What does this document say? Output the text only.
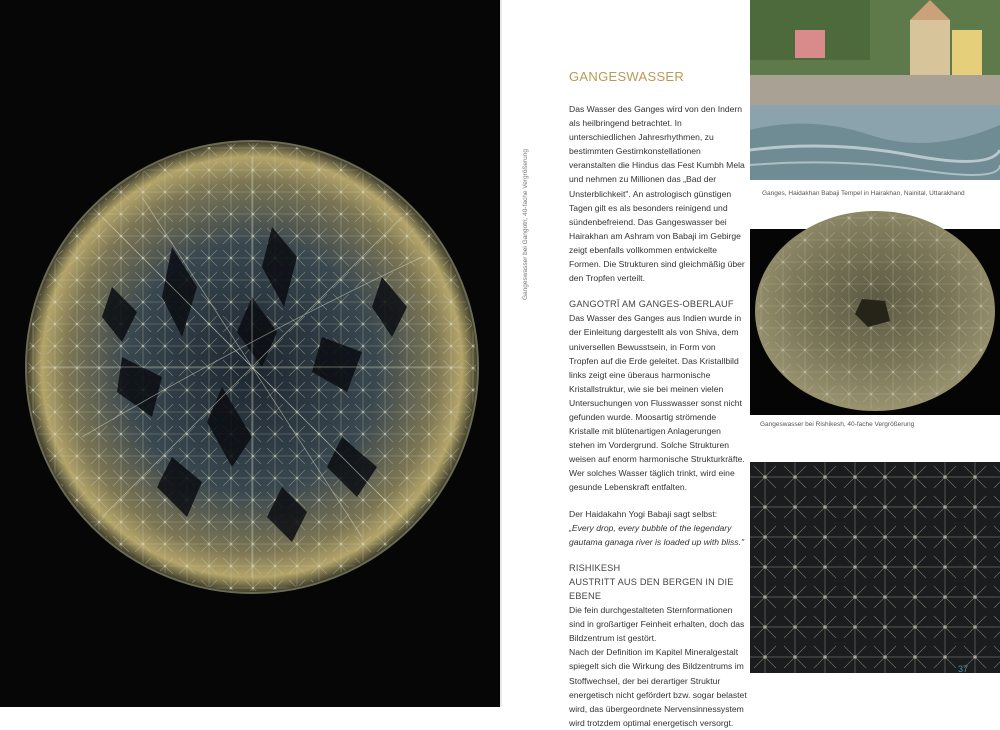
Gangeswasser bei Gangotri, 40-fache Vergrößerung
GANGESWASSER

Das Wasser des Ganges wird von den Indern als heilbringend betrachtet. In unterschiedlichen Jahresrhythmen, zu bestimmten Gestirnkonstellationen veranstalten die Hindus das Fest Kumbh Mela und nehmen zu Millionen das „Bad der Unsterblichkeit". An astrologisch günstigen Tagen gilt es als besonders reinigend und sündenbefreiend. Das Gangeswasser bei Hairakhan am Ashram von Babaji im Gebirge zeigt ebenfalls vollkommen entwickelte Formen. Die Strukturen sind gleichmäßig über den Tropfen verteilt.

GANGOTRĪ AM GANGES-OBERLAUF

Das Wasser des Ganges aus Indien wurde in der Einleitung dargestellt als von Shiva, dem universellen Bewusstsein, in Form von Tropfen auf die Erde geleitet. Das Kristallbild links zeigt eine überaus harmonische Kristallstruktur, wie sie bei meinen vielen Untersuchungen von Flusswasser sonst nicht gefunden wurde. Moosartig strömende Kristalle mit blütenartigen Anlagerungen stehen im Vordergrund. Solche Strukturen weisen auf enorm harmonische Strukturkräfte. Wer solches Wasser täglich trinkt, wird eine gesunde Lebenskraft entfalten.

Der Haidakahn Yogi Babaji sagt selbst:

„Every drop, every bubble of the legendary gautama ganaga river is loaded up with bliss."

RISHIKESH
AUSTRITT AUS DEN BERGEN IN DIE EBENE
Die fein durchgestalteten Sternformationen sind in großartiger Feinheit erhalten, doch das Bildzentrum ist gestört.
Nach der Definition im Kapitel Mineralgestalt spiegelt sich die Wirkung des Bildzentrums im Stoffwechsel, der bei derartiger Struktur energetisch nicht gefördert bzw. sogar belastet wird, das übergeordnete Nervensinnessystem wird trotzdem optimal energetisch versorgt.
Ganges, Haidakhan Babaji Tempel in Hairakhan, Nainital, Uttarakhand
Gangeswasser bei Rishikesh, 40-fache Vergrößerung
37
